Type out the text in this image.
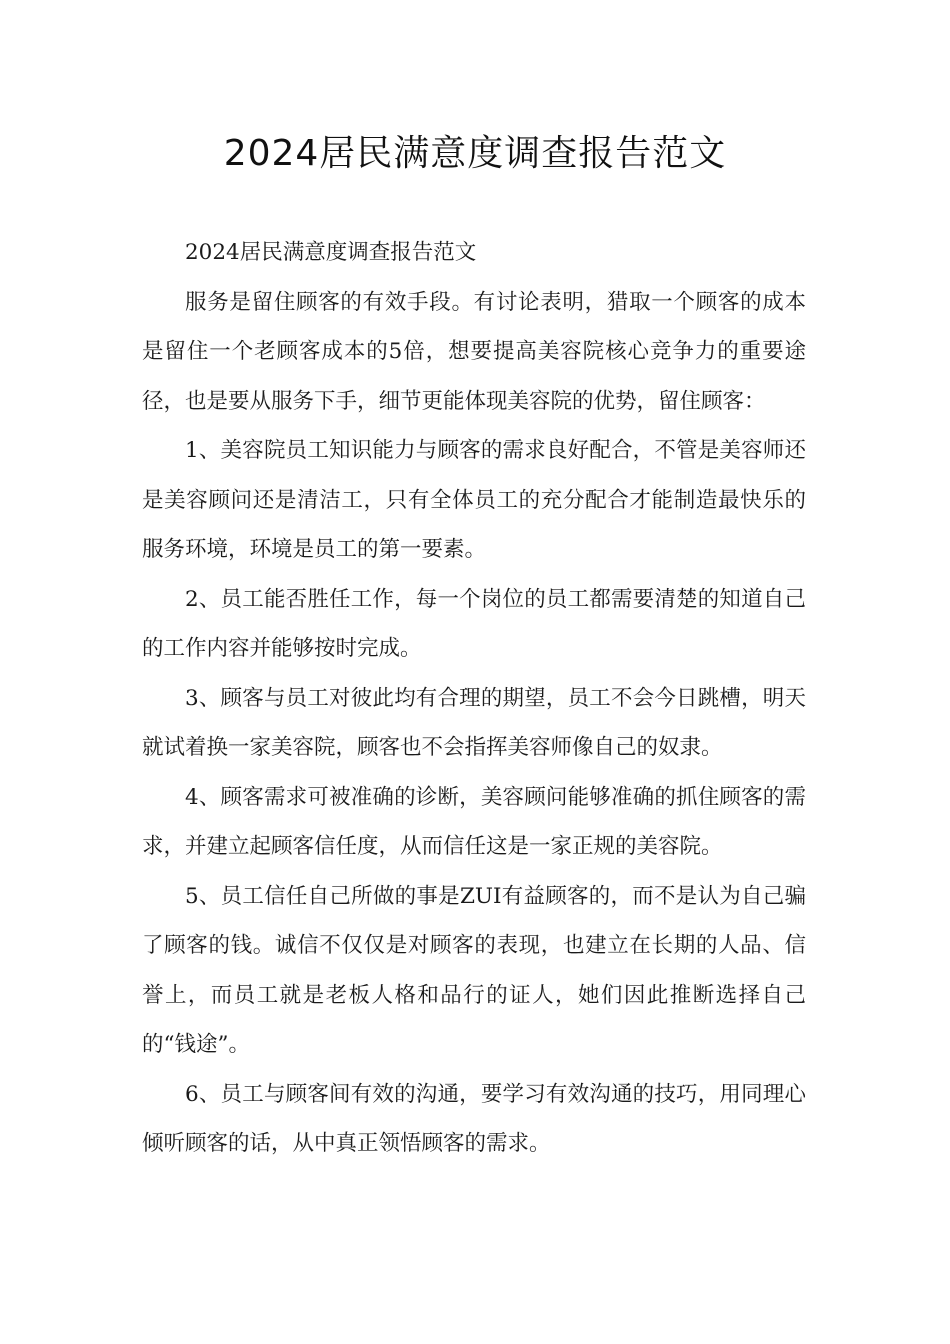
2024居民满意度调查报告范文

2024居民满意度调查报告范文

服务是留住顾客的有效手段。有讨论表明，猎取一个顾客的成本是留住一个老顾客成本的5倍，想要提高美容院核心竞争力的重要途径，也是要从服务下手，细节更能体现美容院的优势，留住顾客：

1、美容院员工知识能力与顾客的需求良好配合，不管是美容师还是美容顾问还是清洁工，只有全体员工的充分配合才能制造最快乐的服务环境，环境是员工的第一要素。

2、员工能否胜任工作，每一个岗位的员工都需要清楚的知道自己的工作内容并能够按时完成。

3、顾客与员工对彼此均有合理的期望，员工不会今日跳槽，明天就试着换一家美容院，顾客也不会指挥美容师像自己的奴隶。

4、顾客需求可被准确的诊断，美容顾问能够准确的抓住顾客的需求，并建立起顾客信任度，从而信任这是一家正规的美容院。

5、员工信任自己所做的事是ZUI有益顾客的，而不是认为自己骗了顾客的钱。诚信不仅仅是对顾客的表现，也建立在长期的人品、信誉上，而员工就是老板人格和品行的证人，她们因此推断选择自己的“钱途”。

6、员工与顾客间有效的沟通，要学习有效沟通的技巧，用同理心倾听顾客的话，从中真正领悟顾客的需求。
